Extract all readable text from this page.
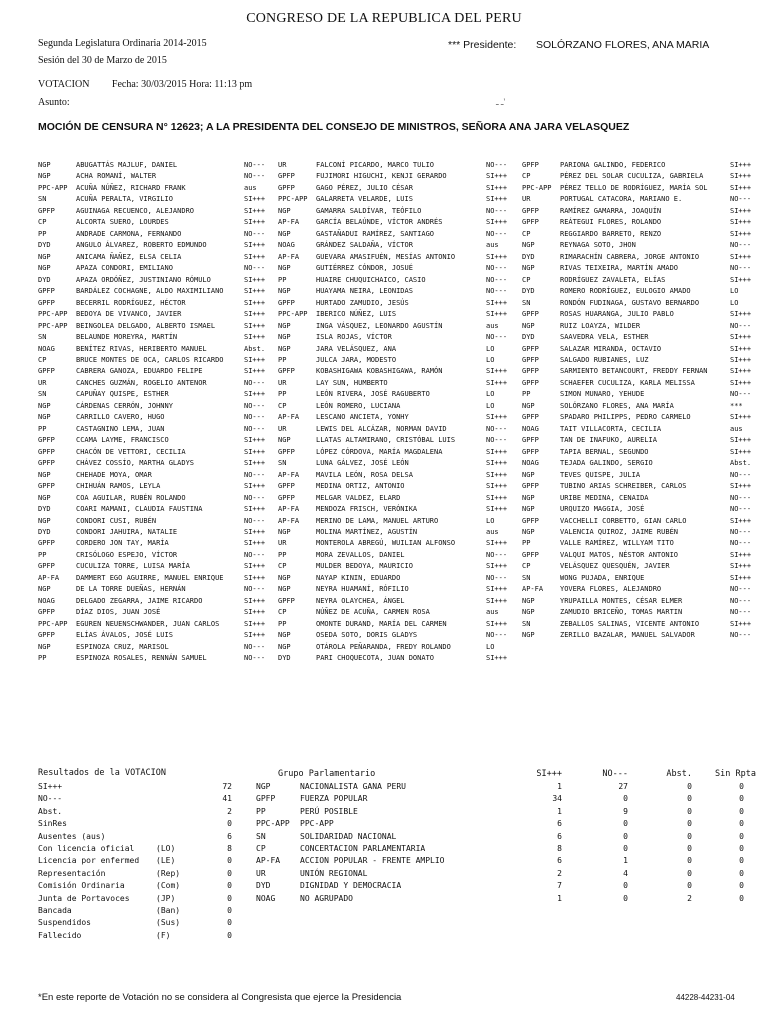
CONGRESO DE LA REPUBLICA DEL PERU
Segunda Legislatura Ordinaria 2014-2015
Sesión del 30 de Marzo de 2015
*** Presidente: SOLÓRZANO FLORES, ANA MARIA
VOTACION Fecha: 30/03/2015 Hora: 11:13 pm
Asunto:	ـ ـ'
MOCIÓN DE CENSURA N° 12623; A LA PRESIDENTA DEL CONSEJO DE MINISTROS, SEÑORA ANA JARA VELASQUEZ
NGP	ABUGATTÁS MAJLUF, DANIEL	NO--- UR	FALCONÍ PICARDO, MARCO TULIO	NO--- GPFP	PARIONA GALINDO, FEDERICO	SI+++
NGP	ACHA ROMANÍ, WALTER	NO--- GPFP	FUJIMORI HIGUCHI, KENJI GERARDO	SI+++ CP	PÉREZ DEL SOLAR CUCULIZA, GABRIELA	SI+++
PPC-APP ACUÑA NÚÑEZ, RICHARD FRANK	aus	GPFP	GAGO PÉREZ, JULIO CÉSAR	SI+++ PPC-APP PÉREZ TELLO DE RODRÍGUEZ, MARÍA SOL	SI+++
SN	ACUÑA PERALTA, VIRGILIO	SI+++ PPC-APP GALARRETA VELARDE, LUIS	SI+++ UR	PORTUGAL CATACORA, MARIANO E.	NO---
GPFP	AGUINAGA RECUENCO, ALEJANDRO	SI+++ NGP	GAMARRA SALDÍVAR, TEÓFILO	NO--- GPFP	RAMÍREZ GAMARRA, JOAQUÍN	SI+++
CP	ALCORTA SUERO, LOURDES	SI+++ AP-FA GARCÍA BELAÚNDE, VÍCTOR ANDRÉS	SI+++ GPFP	REÁTEGUI FLORES, ROLANDO	SI+++
PP	ANDRADE CARMONA, FERNANDO	NO--- NGP	GASTAÑADUI RAMÍREZ, SANTIAGO	NO--- CP	REGGIARDO BARRETO, RENZO	SI+++
DYD	ANGULO ÁLVAREZ, ROBERTO EDMUNDO	SI+++ NOAG	GRÁNDEZ SALDAÑA, VÍCTOR	aus	NGP	REYNAGA SOTO, JHON	NO---
NGP	ANICAMA ÑAÑEZ, ELSA CELIA	SI+++ AP-FA GUEVARA AMASIFUÉN, MESÍAS ANTONIO	SI+++ DYD	RIMARACHÍN CABRERA, JORGE ANTONIO	SI+++
NGP	APAZA CONDORI, EMILIANO	NO--- NGP	GUTIÉRREZ CÓNDOR, JOSUÉ	NO--- NGP	RIVAS TEIXEIRA, MARTÍN AMADO	NO---
DYD	APAZA ORDÓÑEZ, JUSTINIANO RÓMULO	SI+++ PP	HUAIRE CHUQUICHAICO, CASIO	NO--- CP	RODRÍGUEZ ZAVALETA, ELÍAS	SI+++
GPFP	BARDÁLEZ COCHAGNE, ALDO MAXIMILIANO	SI+++ NGP	HUAYAMA NEIRA, LEONIDAS	NO--- DYD	ROMERO RODRÍGUEZ, EULOGIO AMADO	LO
GPFP	BECERRIL RODRÍGUEZ, HÉCTOR	SI+++ GPFP	HURTADO ZAMUDIO, JESÚS	SI+++ SN	RONDÓN FUDINAGA, GUSTAVO BERNARDO	LO
PPC-APP BEDOYA DE VIVANCO, JAVIER	SI+++ PPC-APP IBERICO NÚÑEZ, LUIS	SI+++ GPFP	ROSAS HUARANGA, JULIO PABLO	SI+++
PPC-APP BEINGOLEA DELGADO, ALBERTO ISMAEL	SI+++ NGP	INGA VÁSQUEZ, LEONARDO AGUSTÍN	aus	NGP	RUIZ LOAYZA, WILDER	NO---
SN	BELAUNDE MOREYRA, MARTÍN	SI+++ NGP	ISLA ROJAS, VÍCTOR	NO--- DYD	SAAVEDRA VELA, ESTHER	SI+++
NOAG	BENÍTEZ RIVAS, HERIBERTO MANUEL	Abst. NGP	JARA VELÁSQUEZ, ANA	LO	GPFP	SALAZAR MIRANDA, OCTAVIO	SI+++
CP	BRUCE MONTES DE OCA, CARLOS RICARDO	SI+++ PP	JULCA JARA, MODESTO	LO	GPFP	SALGADO RUBIANES, LUZ	SI+++
GPFP	CABRERA GANOZA, EDUARDO FELIPE	SI+++ GPFP	KOBASHIGAWA KOBASHIGAWA, RAMÓN	SI+++ GPFP	SARMIENTO BETANCOURT, FREDDY FERNAN	SI+++
UR	CANCHES GUZMÁN, ROGELIO ANTENOR	NO--- UR	LAY SUN, HUMBERTO	SI+++ GPFP	SCHAEFER CUCULIZA, KARLA MELISSA	SI+++
SN	CAPUÑAY QUISPE, ESTHER	SI+++ PP	LEÓN RIVERA, JOSÉ RAGUBERTO	LO	PP	SIMON MUNARO, YEHUDE	NO---
NGP	CÁRDENAS CERRÓN, JOHNNY	NO--- CP	LEÓN ROMERO, LUCIANA	LO	NGP	SOLÓRZANO FLORES, ANA MARÍA	***
NGP	CARRILLO CAVERO, HUGO	NO--- AP-FA LESCANO ANCIETA, YONHY	SI+++ GPFP	SPADARO PHILIPPS, PEDRO CARMELO	SI+++
PP	CASTAGNINO LEMA, JUAN	NO--- UR	LEWIS DEL ALCÁZAR, NORMAN DAVID	NO--- NOAG	TAIT VILLACORTA, CECILIA	aus
GPFP	CCAMA LAYME, FRANCISCO	SI+++ NGP	LLATAS ALTAMIRANO, CRISTÓBAL LUIS	NO--- GPFP	TAN DE INAFUKO, AURELIA	SI+++
GPFP	CHACÓN DE VETTORI, CECILIA	SI+++ GPFP	LÓPEZ CÓRDOVA, MARÍA MAGDALENA	SI+++ GPFP	TAPIA BERNAL, SEGUNDO	SI+++
GPFP	CHÁVEZ COSSÍO, MARTHA GLADYS	SI+++ SN	LUNA GÁLVEZ, JOSÉ LEÓN	SI+++ NOAG	TEJADA GALINDO, SERGIO	Abst.
NGP	CHEHADE MOYA, OMAR	NO--- AP-FA MAVILA LEÓN, ROSA DELSA	SI+++ NGP	TEVES QUISPE, JULIA	NO---
GPFP	CHIHUÁN RAMOS, LEYLA	SI+++ GPFP	MEDINA ORTIZ, ANTONIO	SI+++ GPFP	TUBINO ARIAS SCHREIBER, CARLOS	SI+++
NGP	COA AGUILAR, RUBÉN ROLANDO	NO--- GPFP	MELGAR VALDEZ, ELARD	SI+++ NGP	URIBE MEDINA, CENAIDA	NO---
DYD	COARI MAMANI, CLAUDIA FAUSTINA	SI+++ AP-FA MENDOZA FRISCH, VERÓNIKA	SI+++ NGP	URQUIZO MAGGIA, JOSÉ	NO---
NGP	CONDORI CUSI, RUBÉN	NO--- AP-FA MERINO DE LAMA, MANUEL ARTURO	LO	GPFP	VACCHELLI CORBETTO, GIAN CARLO	SI+++
DYD	CONDORI JAHUIRA, NATALIE	SI+++ NGP	MOLINA MARTÍNEZ, AGUSTÍN	aus	NGP	VALENCIA QUIROZ, JAIME RUBÉN	NO---
GPFP	CORDERO JON TAY, MARÍA	SI+++ UR	MONTEROLA ABREGÚ, WUILIAN ALFONSO	SI+++ PP	VALLE RAMÍREZ, WILLYAM TITO	NO---
PP	CRISÓLOGO ESPEJO, VÍCTOR	NO--- PP	MORA ZEVALLOS, DANIEL	NO--- GPFP	VALQUI MATOS, NÉSTOR ANTONIO	SI+++
GPFP	CUCULIZA TORRE, LUISA MARÍA	SI+++ CP	MULDER BEDOYA, MAURICIO	SI+++ CP	VELÁSQUEZ QUESQUÉN, JAVIER	SI+++
AP-FA DAMMERT EGO AGUIRRE, MANUEL ENRIQUE	SI+++ NGP	NAYAP KININ, EDUARDO	NO--- SN	WONG PUJADA, ENRIQUE	SI+++
NGP	DE LA TORRE DUEÑAS, HERNÁN	NO--- NGP	NEYRA HUAMANÍ, RÓFILIO	SI+++ AP-FA YOVERA FLORES, ALEJANDRO	NO---
NOAG	DELGADO ZEGARRA, JAIME RICARDO	SI+++ GPFP	NEYRA OLAYCHEA, ÁNGEL	SI+++ NGP	YRUPAILLA MONTES, CÉSAR ELMER	NO---
GPFP	DÍAZ DIOS, JUAN JOSÉ	SI+++ CP	NÚÑEZ DE ACUÑA, CARMEN ROSA	aus	NGP	ZAMUDIO BRICEÑO, TOMAS MARTIN	NO---
PPC-APP EGUREN NEUENSCHWANDER, JUAN CARLOS	SI+++ PP	OMONTE DURAND, MARÍA DEL CARMEN	SI+++ SN	ZEBALLOS SALINAS, VICENTE ANTONIO	SI+++
GPFP	ELÍAS ÁVALOS, JOSÉ LUIS	SI+++ NGP	OSEDA SOTO, DORIS GLADYS	NO--- NGP	ZERILLO BAZALAR, MANUEL SALVADOR	NO---
NGP	ESPINOZA CRUZ, MARISOL	NO--- NGP	OTÁROLA PEÑARANDA, FREDY ROLANDO	LO
PP	ESPINOZA ROSALES, RENNÁN SAMUEL	NO--- DYD	PARI CHOQUECOTA, JUAN DONATO	SI+++
Resultados de la VOTACION
SI+++	72
NO---	41
Abst.	2
SinRes	0
Ausentes (aus)	6
Con licencia oficial	(LO)	8
Licencia por enfermed (LE)	0
Representación	(Rep)	0
Comisión Ordinaria	(Com)	0
Junta de Portavoces	(JP)	0
Bancada	(Ban)	0
Suspendidos	(Sus)	0
Fallecido	(F)	0
Grupo Parlamentario	SI+++	NO---	Abst.	Sin Rpta
NGP	NACIONALISTA GANA PERU	1	27	0	0
GPFP	FUERZA POPULAR	34	0	0	0
PP	PERÚ POSIBLE	1	9	0	0
PPC-APP PPC-APP	6	0	0	0
SN	SOLIDARIDAD NACIONAL	6	0	0	0
CP	CONCERTACION PARLAMENTARIA	8	0	0	0
AP-FA ACCION POPULAR - FRENTE AMPLIO	6	1	0	0
UR	UNIÓN REGIONAL	2	4	0	0
DYD	DIGNIDAD Y DEMOCRACIA	7	0	0	0
NOAG	NO AGRUPADO	1	0	2	0
*En este reporte de Votación no se considera al Congresista que ejerce la Presidencia	44228-44231-04
